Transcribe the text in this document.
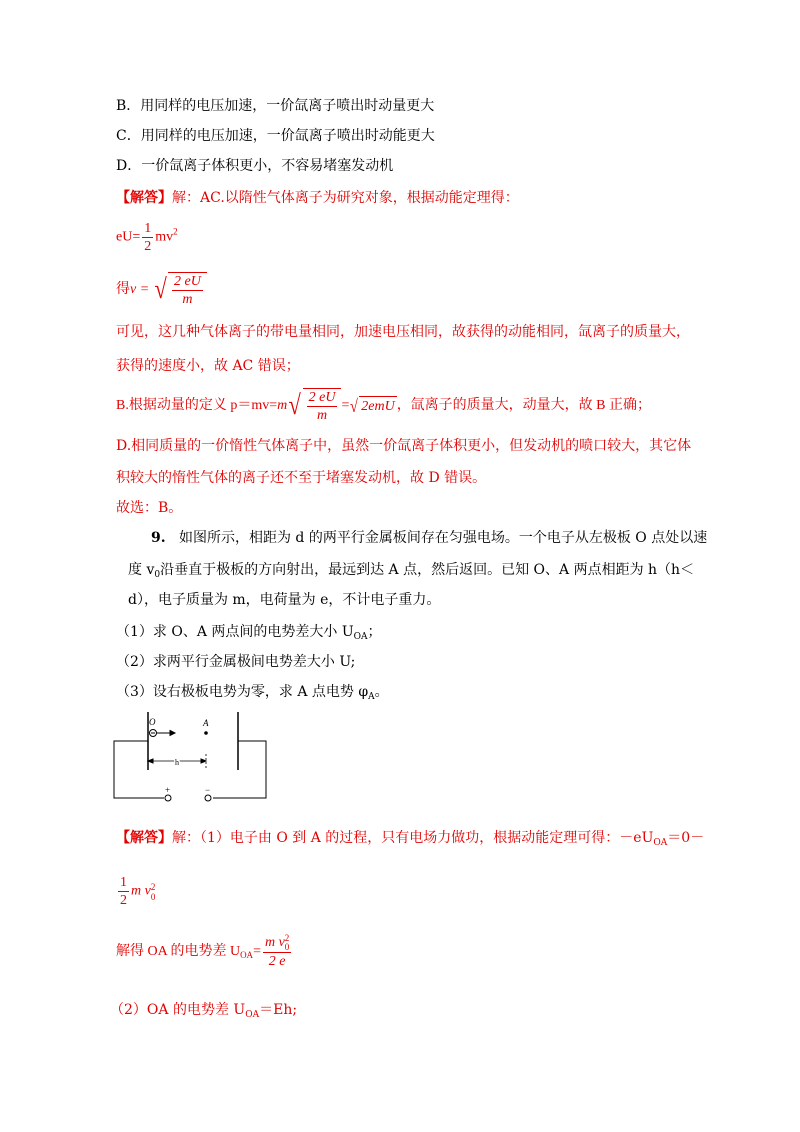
B．用同样的电压加速，一价氙离子喷出时动量更大
C．用同样的电压加速，一价氙离子喷出时动能更大
D．一价氙离子体积更小，不容易堵塞发动机
【解答】解：AC.以隋性气体离子为研究对象，根据动能定理得：
$eU= \frac{1}{2} mv^2$
得v = √ $\frac{2 eU}{m}$
可见，这几种气体离子的带电量相同，加速电压相同，故获得的动能相同，氙离子的质量大，
获得的速度小，故 AC 错误；
B.根据动量的定义 p＝mv=m √ $\frac{2 eU}{m}$ = √ 2emU ，氙离子的质量大，动量大，故 B 正确；
D.相同质量的一价惰性气体离子中，虽然一价氙离子体积更小，但发动机的喷口较大，其它体
积较大的惰性气体的离子还不至于堵塞发动机，故 D 错误。
故选：B。
9. 如图所示，相距为 d 的两平行金属板间存在匀强电场。一个电子从左极板 O 点处以速
度 $v_0$沿垂直于极板的方向射出，最远到达 A 点，然后返回。已知 O、A 两点相距为 h（h＜
d），电子质量为 m，电荷量为 e，不计电子重力。
（1）求 O、A 两点间的电势差大小 $U_{OA}$；
（2）求两平行金属极间电势差大小 U;
（3）设右极板电势为零，求 A 点电势 $\varphi_A$。
O	A
h
+	−
【解答】解：（1）电子由 O 到 A 的过程，只有电场力做功，根据动能定理可得：$-eU_{OA}=0-$
$\frac{1}{2}$ m v 2
0
解得 OA 的电势差 $U_{OA}= m$ v 2
0
2 e
（2）OA 的电势差 $U_{OA}=Eh$;
